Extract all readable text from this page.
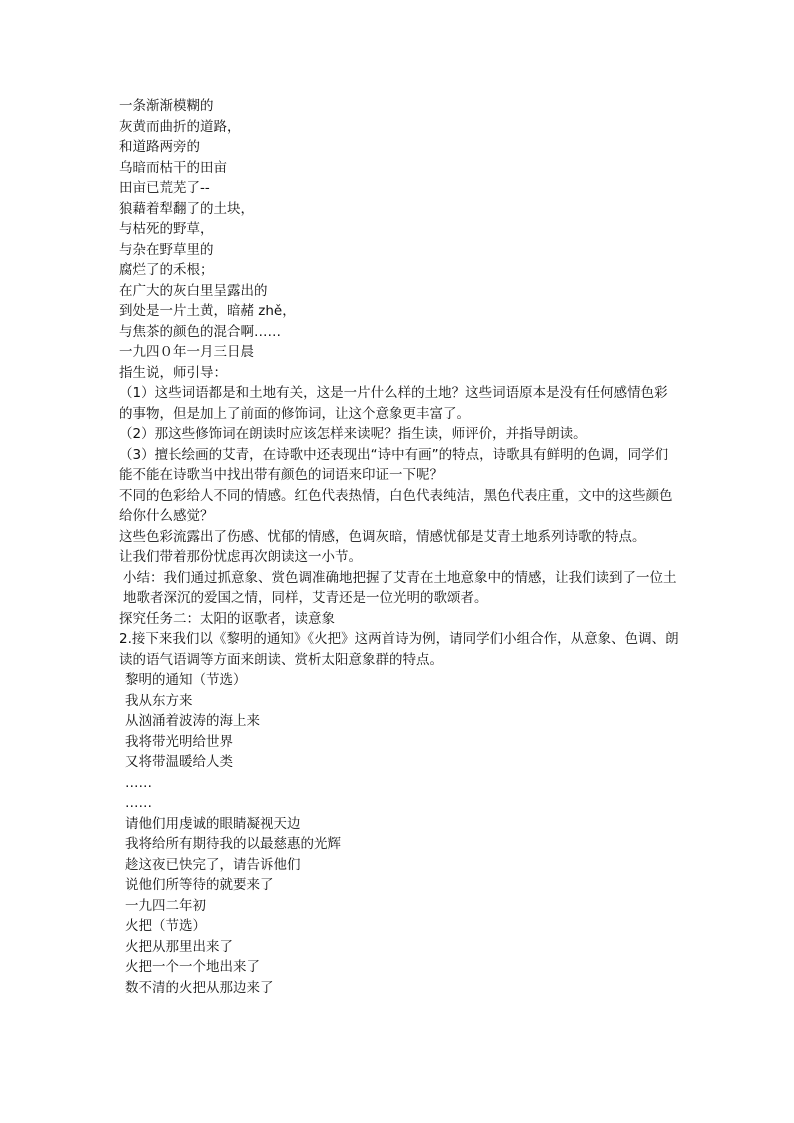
一条渐渐模糊的

灰黄而曲折的道路，

和道路两旁的

乌暗而枯干的田亩

田亩已荒芜了--

狼藉着犁翻了的土块，

与枯死的野草，

与杂在野草里的

腐烂了的禾根；

在广大的灰白里呈露出的

到处是一片土黄，暗赭 zhě，

与焦茶的颜色的混合啊……

一九四０年一月三日晨

指生说，师引导：

（1）这些词语都是和土地有关，这是一片什么样的土地？这些词语原本是没有任何感情色彩的事物，但是加上了前面的修饰词，让这个意象更丰富了。

（2）那这些修饰词在朗读时应该怎样来读呢？指生读，师评价，并指导朗读。

（3）擅长绘画的艾青，在诗歌中还表现出“诗中有画”的特点，诗歌具有鲜明的色调，同学们能不能在诗歌当中找出带有颜色的词语来印证一下呢？

不同的色彩给人不同的情感。红色代表热情，白色代表纯洁，黑色代表庄重，文中的这些颜色给你什么感觉？

这些色彩流露出了伤感、忧郁的情感，色调灰暗，情感忧郁是艾青土地系列诗歌的特点。

让我们带着那份忧虑再次朗读这一小节。

小结：我们通过抓意象、赏色调准确地把握了艾青在土地意象中的情感，让我们读到了一位土地歌者深沉的爱国之情，同样，艾青还是一位光明的歌颂者。

探究任务二：太阳的讴歌者，读意象

2.接下来我们以《黎明的通知》《火把》这两首诗为例，请同学们小组合作，从意象、色调、朗读的语气语调等方面来朗读、赏析太阳意象群的特点。

黎明的通知（节选）

我从东方来

从汹涌着波涛的海上来

我将带光明给世界

又将带温暖给人类

……

……

请他们用虔诚的眼睛凝视天边

我将给所有期待我的以最慈惠的光辉

趁这夜已快完了，请告诉他们

说他们所等待的就要来了

一九四二年初

火把（节选）

火把从那里出来了

火把一个一个地出来了

数不清的火把从那边来了
